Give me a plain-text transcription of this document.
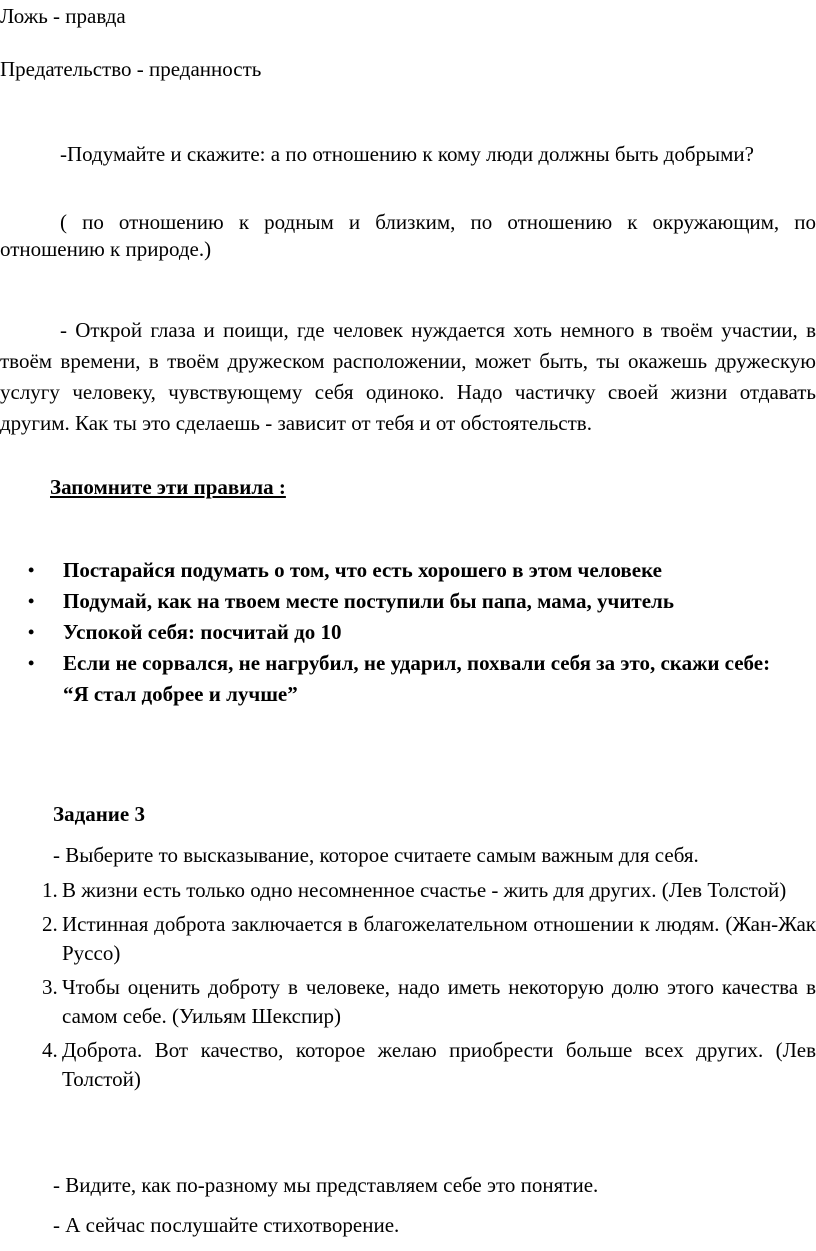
Ложь - правда

Предательство - преданность

-Подумайте и скажите: а по отношению к кому люди должны быть добрыми?

( по отношению к родным и близким, по отношению к окружающим, по отношению к природе.)

- Открой глаза и поищи, где человек нуждается хоть немного в твоём участии, в твоём времени, в твоём дружеском расположении, может быть, ты окажешь дружескую услугу человеку, чувствующему себя одиноко. Надо частичку своей жизни отдавать другим. Как ты это сделаешь - зависит от тебя и от обстоятельств.

Запомните эти правила :

• Постарайся подумать о том, что есть хорошего в этом человеке
• Подумай, как на твоем месте поступили бы папа, мама, учитель
• Успокой себя: посчитай до 10
• Если не сорвался, не нагрубил, не ударил, похвали себя за это, скажи себе: “Я стал добрее и лучше”

Задание 3

- Выберите то высказывание, которое считаете самым важным для себя.

1. В жизни есть только одно несомненное счастье - жить для других. (Лев Толстой)
2. Истинная доброта заключается в благожелательном отношении к людям. (Жан-Жак Руссо)
3. Чтобы оценить доброту в человеке, надо иметь некоторую долю этого качества в самом себе. (Уильям Шекспир)
4. Доброта. Вот качество, которое желаю приобрести больше всех других. (Лев Толстой)

- Видите, как по-разному мы представляем себе это понятие.

- А сейчас послушайте стихотворение.
